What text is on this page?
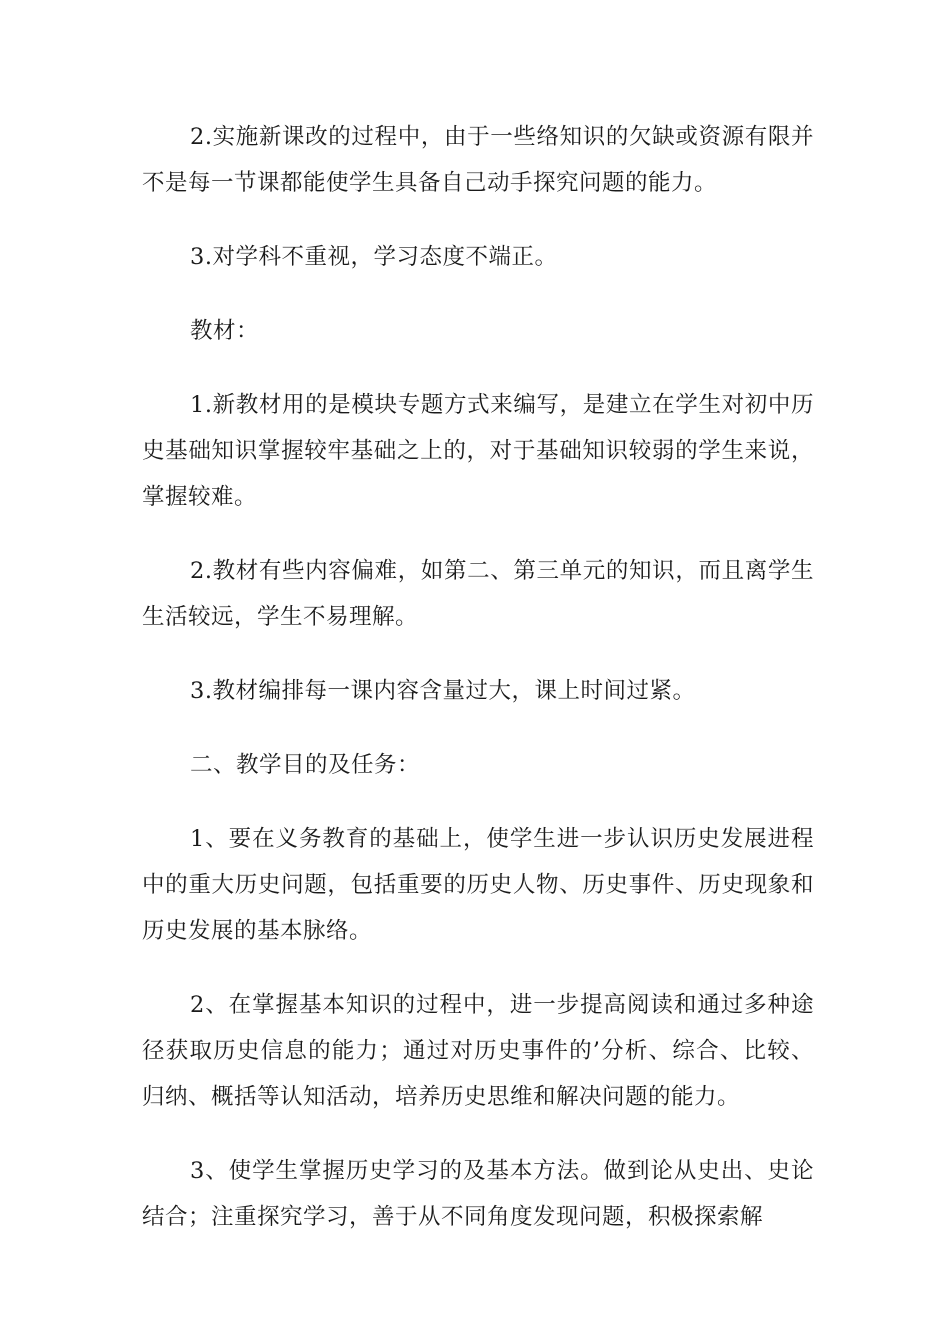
2.实施新课改的过程中，由于一些络知识的欠缺或资源有限并不是每一节课都能使学生具备自己动手探究问题的能力。

3.对学科不重视，学习态度不端正。

教材：

1.新教材用的是模块专题方式来编写，是建立在学生对初中历史基础知识掌握较牢基础之上的，对于基础知识较弱的学生来说，掌握较难。

2.教材有些内容偏难，如第二、第三单元的知识，而且离学生生活较远，学生不易理解。

3.教材编排每一课内容含量过大，课上时间过紧。

二、教学目的及任务：

1、要在义务教育的基础上，使学生进一步认识历史发展进程中的重大历史问题，包括重要的历史人物、历史事件、历史现象和历史发展的基本脉络。

2、在掌握基本知识的过程中，进一步提高阅读和通过多种途径获取历史信息的能力；通过对历史事件的’分析、综合、比较、归纳、概括等认知活动，培养历史思维和解决问题的能力。

3、使学生掌握历史学习的及基本方法。做到论从史出、史论结合；注重探究学习，善于从不同角度发现问题，积极探索解
